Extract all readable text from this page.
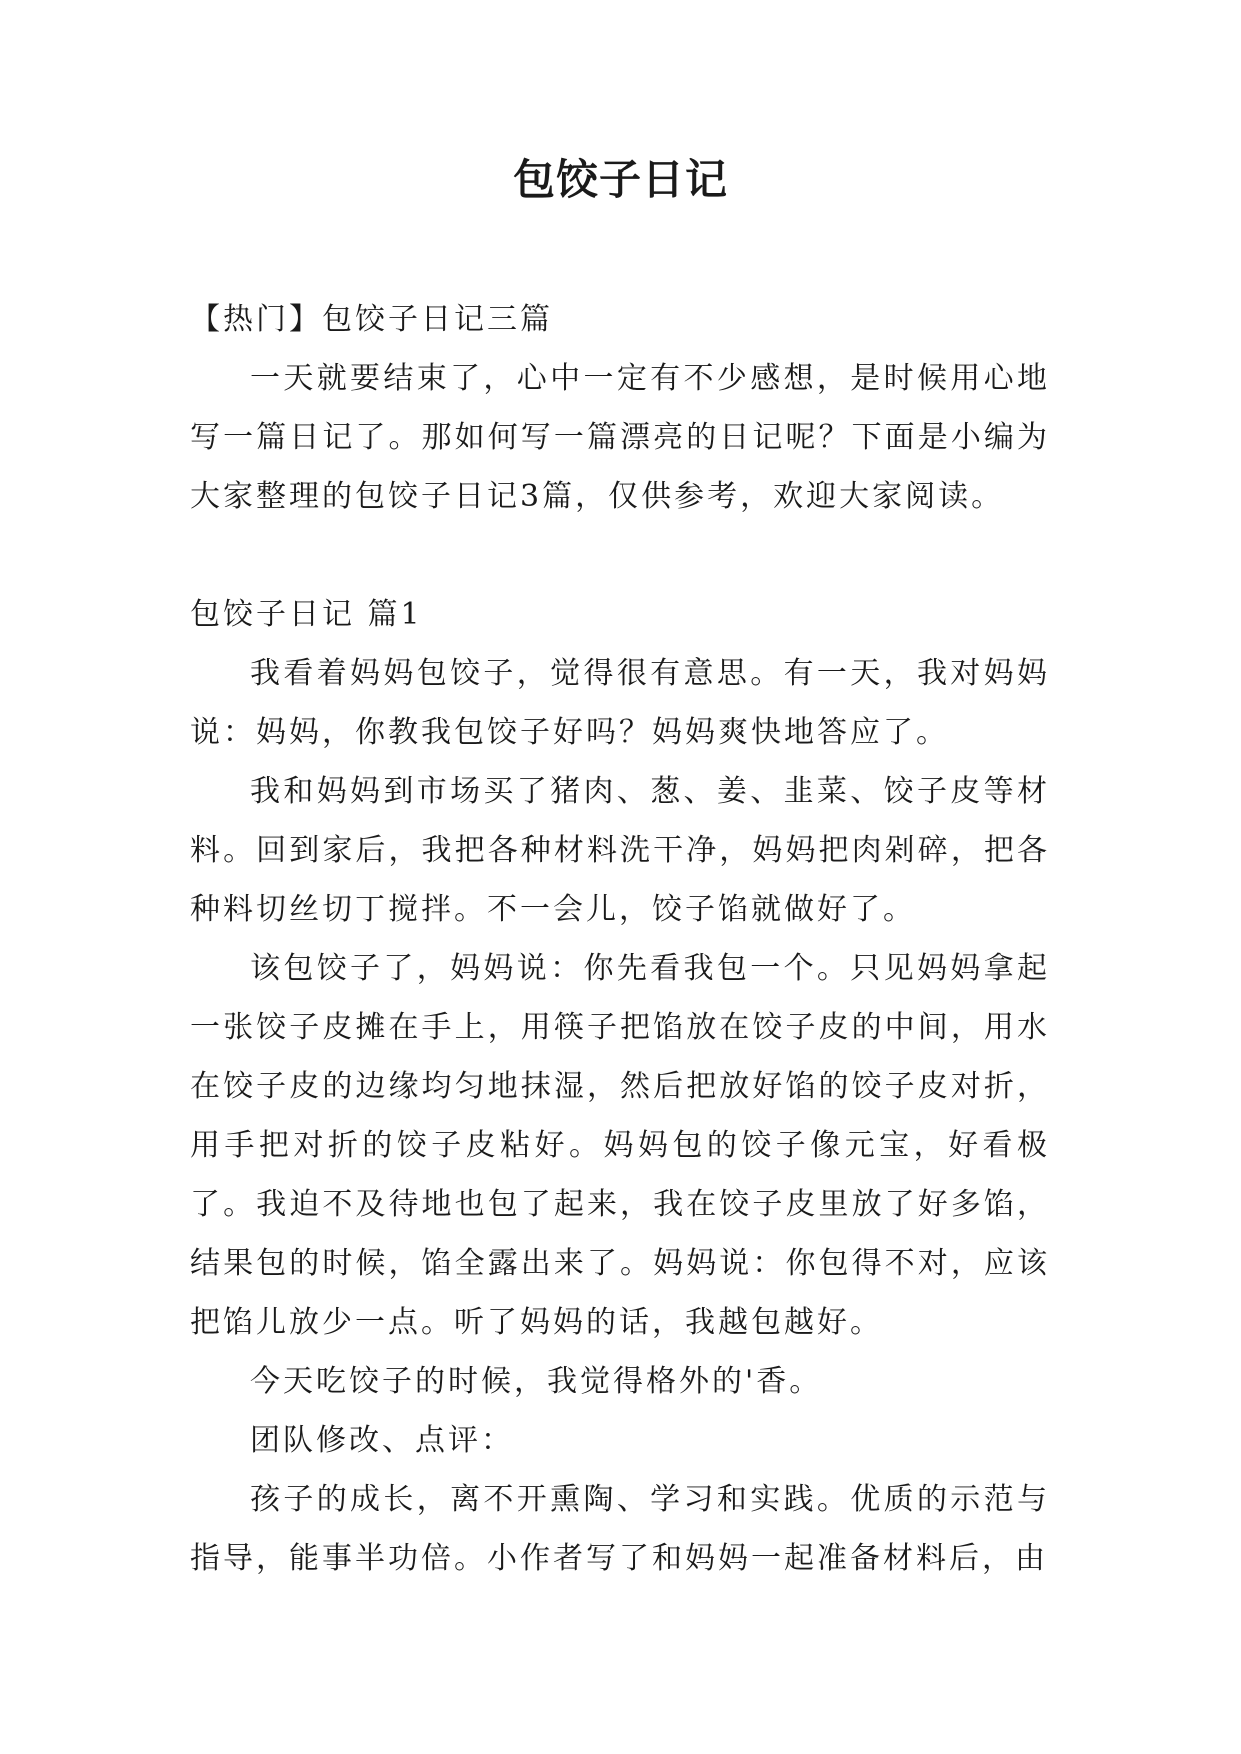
包饺子日记

【热门】包饺子日记三篇

一天就要结束了，心中一定有不少感想，是时候用心地写一篇日记了。那如何写一篇漂亮的日记呢？下面是小编为大家整理的包饺子日记3篇，仅供参考，欢迎大家阅读。

包饺子日记 篇1

我看着妈妈包饺子，觉得很有意思。有一天，我对妈妈说：妈妈，你教我包饺子好吗？妈妈爽快地答应了。

我和妈妈到市场买了猪肉、葱、姜、韭菜、饺子皮等材料。回到家后，我把各种材料洗干净，妈妈把肉剁碎，把各种料切丝切丁搅拌。不一会儿，饺子馅就做好了。

该包饺子了，妈妈说：你先看我包一个。只见妈妈拿起一张饺子皮摊在手上，用筷子把馅放在饺子皮的中间，用水在饺子皮的边缘均匀地抹湿，然后把放好馅的饺子皮对折，用手把对折的饺子皮粘好。妈妈包的饺子像元宝，好看极了。我迫不及待地也包了起来，我在饺子皮里放了好多馅，结果包的时候，馅全露出来了。妈妈说：你包得不对，应该把馅儿放少一点。听了妈妈的话，我越包越好。

今天吃饺子的时候，我觉得格外的'香。

团队修改、点评：

孩子的成长，离不开熏陶、学习和实践。优质的示范与指导，能事半功倍。小作者写了和妈妈一起准备材料后，由
